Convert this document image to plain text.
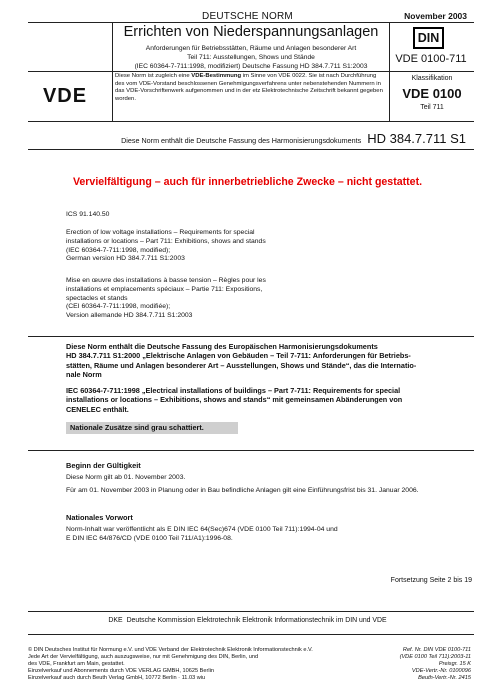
DEUTSCHE NORM	November 2003
Errichten von Niederspannungsanlagen
Anforderungen für Betriebsstätten, Räume und Anlagen besonderer Art
Teil 711: Ausstellungen, Shows und Stände
(IEC 60364-7-711:1998, modifiziert) Deutsche Fassung HD 384.7.711 S1:2003
DIN
VDE 0100-711
VDE
Diese Norm ist zugleich eine VDE-Bestimmung im Sinne von VDE 0022. Sie ist nach Durchführung des vom VDE-Vorstand beschlossenen Genehmigungsverfahrens unter nebenstehenden Nummern in das VDE-Vorschriftenwerk aufgenommen und in der etz Elektrotechnische Zeitschrift bekannt gegeben worden.
Klassifikation
VDE 0100
Teil 711
Diese Norm enthält die Deutsche Fassung des Harmonisierungsdokuments HD 384.7.711 S1
Vervielfältigung – auch für innerbetriebliche Zwecke – nicht gestattet.
ICS 91.140.50
Erection of low voltage installations – Requirements for special
installations or locations – Part 711: Exhibitions, shows and stands
(IEC 60364-7-711:1998, modified);
German version HD 384.7.711 S1:2003
Mise en œuvre des installations à basse tension – Règles pour les
installations et emplacements spéciaux – Partie 711: Expositions,
spectacles et stands
(CEI 60364-7-711:1998, modifiée);
Version allemande HD 384.7.711 S1:2003
Diese Norm enthält die Deutsche Fassung des Europäischen Harmonisierungsdokuments
HD 384.7.711 S1:2000 „Elektrische Anlagen von Gebäuden – Teil 7-711: Anforderungen für Betriebs-
stätten, Räume und Anlagen besonderer Art – Ausstellungen, Shows und Stände“, das die Internatio-
nale Norm
IEC 60364-7-711:1998 „Electrical installations of buildings – Part 7-711: Requirements for special
installations or locations – Exhibitions, shows and stands“ mit gemeinsamen Abänderungen von
CENELEC enthält.
Nationale Zusätze sind grau schattiert.
Beginn der Gültigkeit
Diese Norm gilt ab 01. November 2003.
Für am 01. November 2003 in Planung oder in Bau befindliche Anlagen gilt eine Einführungsfrist bis 31. Januar 2006.
Nationales Vorwort
Norm-Inhalt war veröffentlicht als E DIN IEC 64(Sec)674 (VDE 0100 Teil 711):1994-04 und
E DIN IEC 64/876/CD (VDE 0100 Teil 711/A1):1996-08.
Fortsetzung Seite 2 bis 19
DKE Deutsche Kommission Elektrotechnik Elektronik Informationstechnik im DIN und VDE
© DIN Deutsches Institut für Normung e.V. und VDE Verband der Elektrotechnik Elektronik Informationstechnik e.V.
Jede Art der Vervielfältigung, auch auszugsweise, nur mit Genehmigung des DIN, Berlin, und
des VDE, Frankfurt am Main, gestattet.
Einzelverkauf und Abonnements durch VDE VERLAG GMBH, 10625 Berlin
Einzelverkauf auch durch Beuth Verlag GmbH, 10772 Berlin · 11.03 wiu
Ref. Nr. DIN VDE 0100-711
(VDE 0100 Teil 711):2003-11
Preisgr. 15 K
VDE-Vertr.-Nr. 0100096
Beuth-Vertr.-Nr. 2415
